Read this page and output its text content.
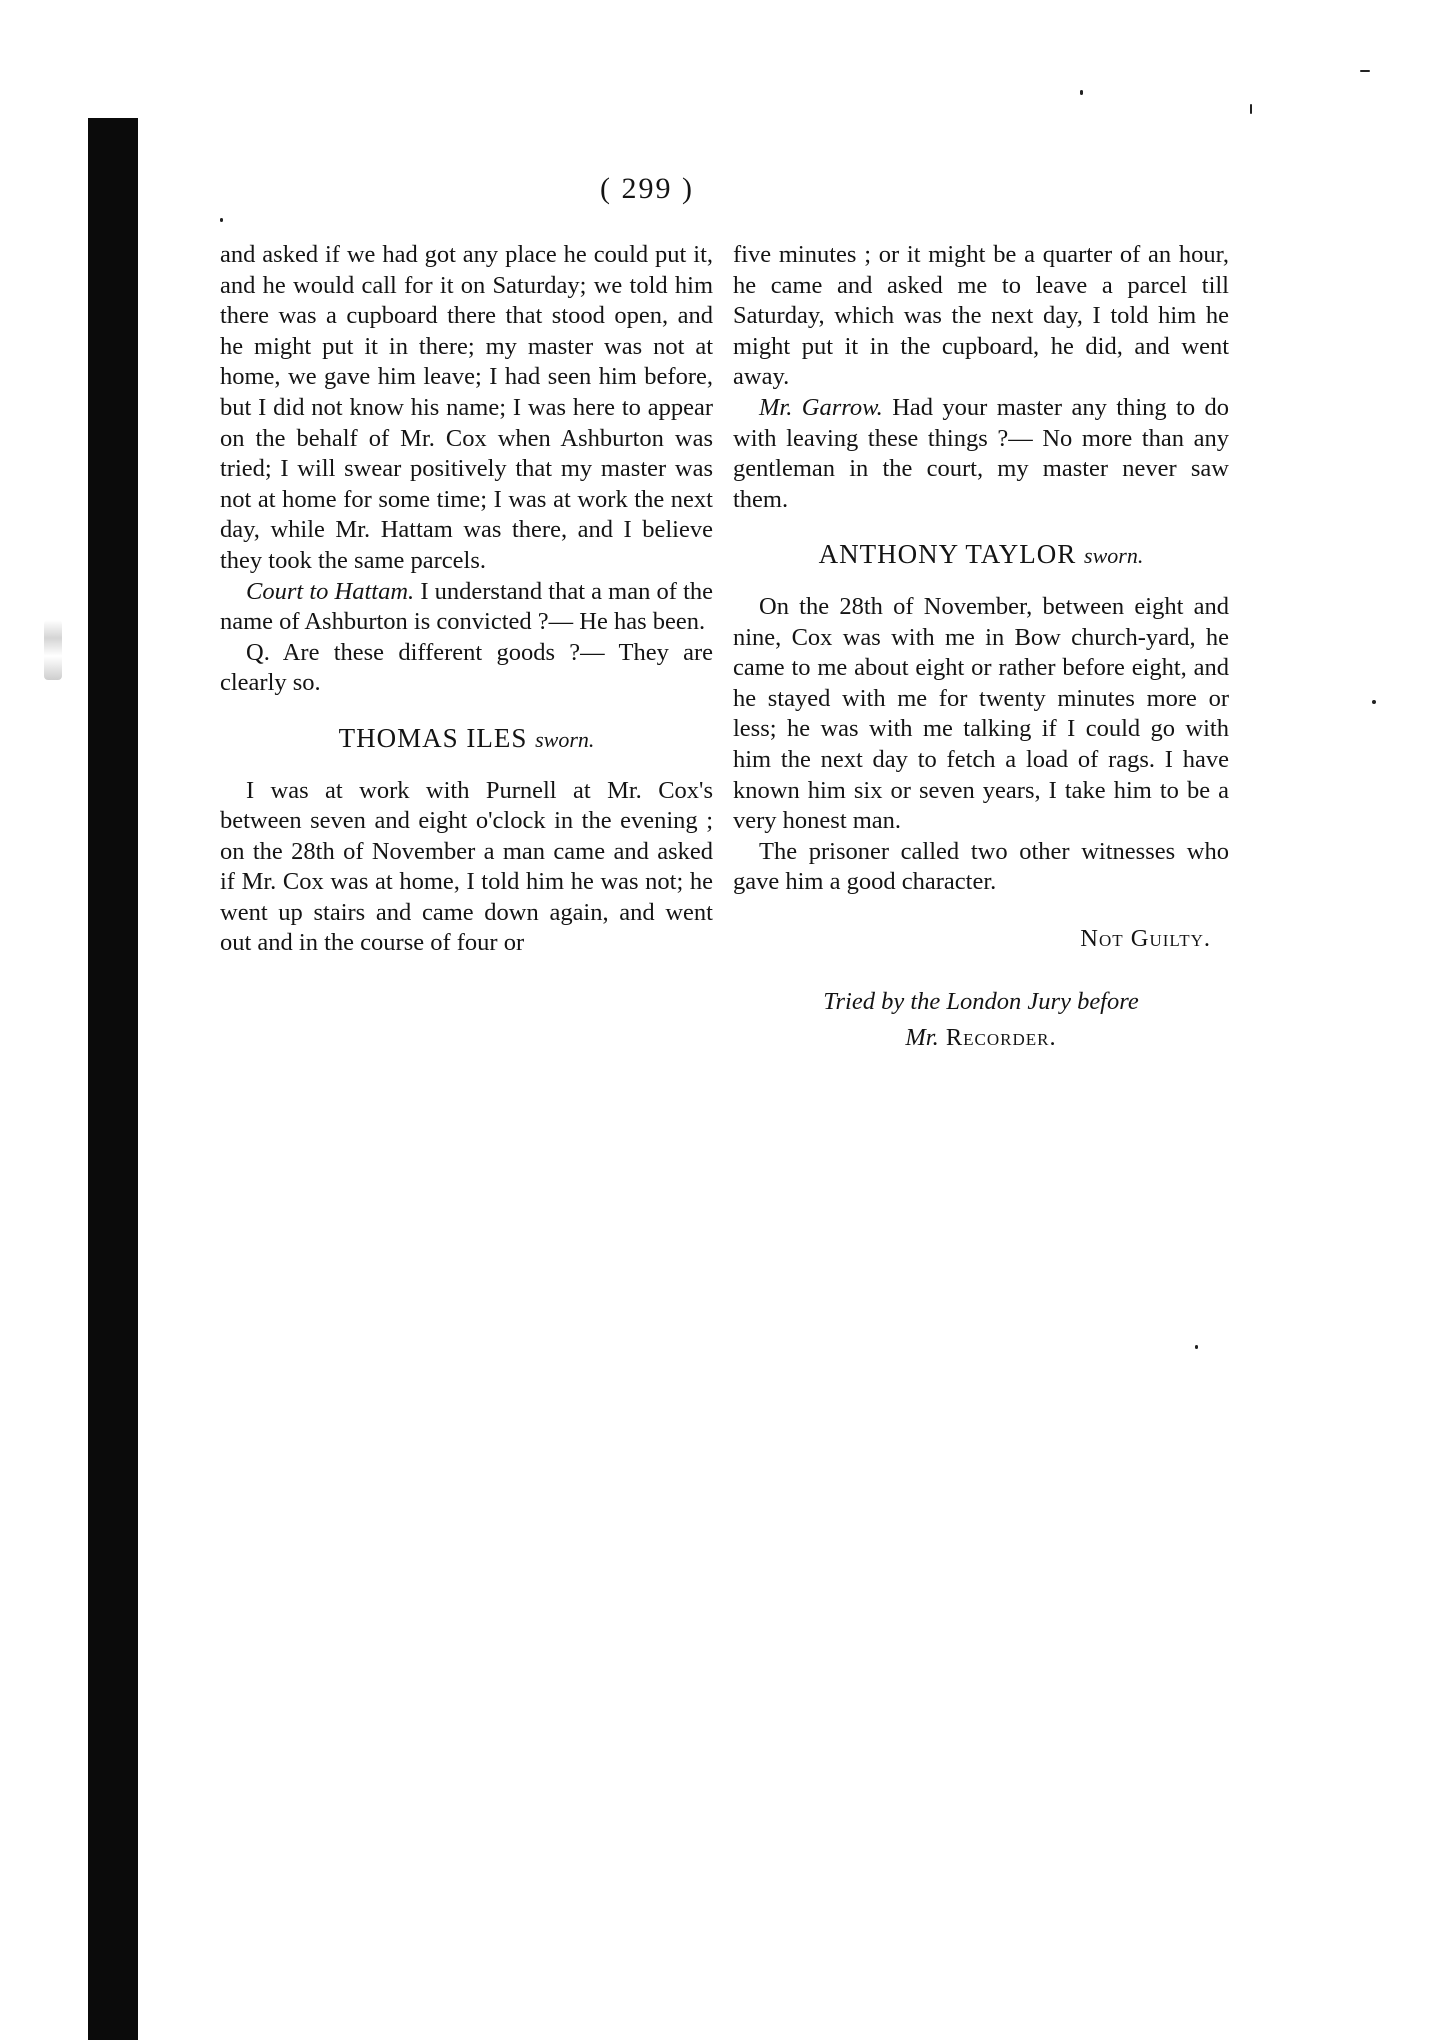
( 299 )

and asked if we had got any place he could put it, and he would call for it on Saturday; we told him there was a cupboard there that stood open, and he might put it in there; my master was not at home, we gave him leave; I had seen him before, but I did not know his name; I was here to appear on the behalf of Mr. Cox when Ashburton was tried; I will swear positively that my master was not at home for some time; I was at work the next day, while Mr. Hattam was there, and I believe they took the same parcels.

Court to Hattam. I understand that a man of the name of Ashburton is convicted ?— He has been.

Q. Are these different goods ?— They are clearly so.

THOMAS ILES sworn.

I was at work with Purnell at Mr. Cox's between seven and eight o'clock in the evening ; on the 28th of November a man came and asked if Mr. Cox was at home, I told him he was not; he went up stairs and came down again, and went out and in the course of four or

five minutes ; or it might be a quarter of an hour, he came and asked me to leave a parcel till Saturday, which was the next day, I told him he might put it in the cupboard, he did, and went away.

Mr. Garrow. Had your master any thing to do with leaving these things ?— No more than any gentleman in the court, my master never saw them.

ANTHONY TAYLOR sworn.

On the 28th of November, between eight and nine, Cox was with me in Bow church-yard, he came to me about eight or rather before eight, and he stayed with me for twenty minutes more or less; he was with me talking if I could go with him the next day to fetch a load of rags. I have known him six or seven years, I take him to be a very honest man.

The prisoner called two other witnesses who gave him a good character.

Not Guilty.
Tried by the London Jury before
Mr. Recorder.
